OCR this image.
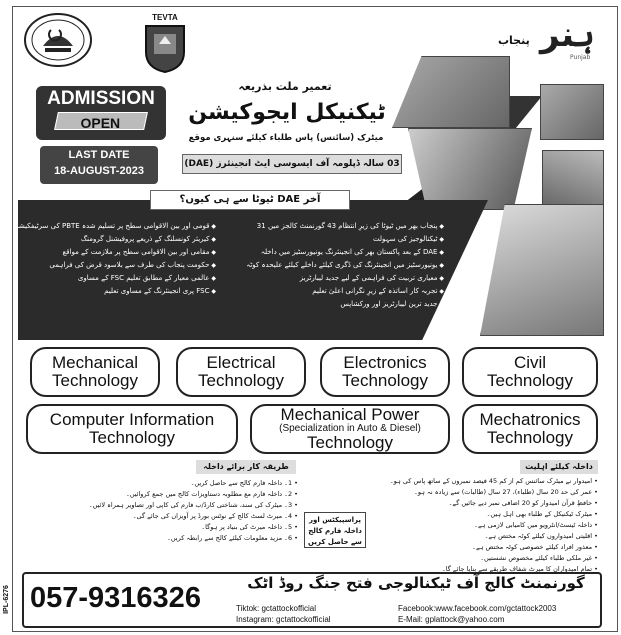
TEVTA
پنجاب ہنر
Punjab
ADMISSION
OPEN
LAST DATE
18-AUGUST-2023
تعمیر ملت بذریعہ
ٹیکنیکل ایجوکیشن
میٹرک (سائنس) پاس طلباء کیلئے سنہری موقع
03 سالہ ڈپلومہ آف ایسوسی ایٹ انجینئرز (DAE)
آخر DAE ٹیوٹا سے ہی کیوں؟
◆ قومی اور بین الاقوامی سطح پر تسلیم شدہ PBTE کی سرٹیفکیشن
◆ کیریئر کونسلنگ کے ذریعے پروفیشنل گرومنگ
◆ مقامی اور بین الاقوامی سطح پر ملازمت کے مواقع
◆ حکومت پنجاب کی طرف سے بلاسود قرض کی فراہمی
◆ عالمی معیار کے مطابق تعلیم FSC کے مساوی
◆ FSC پری انجینئرنگ کے مساوی تعلیم
◆ پنجاب بھر میں ٹیوٹا کی زیرِ انتظام 43 گورنمنٹ کالجز میں 31
◆ ٹیکنالوجیز کی سہولت
◆ DAE کے بعد پاکستان بھر کی انجینئرنگ یونیورسٹیز میں داخلہ
◆ یونیورسٹیز میں انجینئرنگ کی ڈگری کیلئے داخلے کیلئے علیحدہ کوٹہ
◆ معیاری تربیت کی فراہمی کے لیے جدید لیبارٹریز
◆ تجربہ کار اساتذہ کے زیرِ نگرانی اعلیٰ تعلیم
◆ جدید ترین لیبارٹریز اور ورکشاپس
Mechanical
Technology
Electrical
Technology
Electronics
Technology
Civil
Technology
Computer Information
Technology
Mechanical Power
(Specialization in Auto & Diesel)
Technology
Mechatronics
Technology
طریقہ کار برائے داخلہ
• 1۔ داخلہ فارم کالج سے حاصل کریں۔
• 2۔ داخلہ فارم مع مطلوبہ دستاویزات کالج میں جمع کروائیں۔
• 3۔ میٹرک کی سند، شناختی کارڈ/ب فارم کی کاپی اور تصاویر ہمراہ لائیں۔
• 4۔ میرٹ لسٹ کالج کے نوٹس بورڈ پر آویزاں کی جائے گی۔
• 5۔ داخلہ میرٹ کی بنیاد پر ہوگا۔
• 6۔ مزید معلومات کیلئے کالج سے رابطہ کریں۔
پراسپیکٹس اور داخلہ فارم کالج سے حاصل کریں
داخلہ کیلئے اہلیت
• امیدوار نے میٹرک سائنس کم از کم 45 فیصد نمبروں کے ساتھ پاس کی ہو۔
• عمر کی حد 20 سال (طلباء)، 27 سال (طالبات) سے زیادہ نہ ہو۔
• حافظِ قرآن امیدوار کو 20 اضافی نمبر دیے جائیں گے۔
• میٹرک ٹیکنیکل کے طلباء بھی اہل ہیں۔
• داخلہ ٹیسٹ/انٹرویو میں کامیابی لازمی ہے۔
• اقلیتی امیدواروں کیلئے کوٹہ مختص ہے۔
• معذور افراد کیلئے خصوصی کوٹہ مختص ہے۔
• غیر ملکی طلباء کیلئے مخصوص نشستیں۔
• تمام امیدواران کا میرٹ شفاف طریقے سے بنایا جائے گا۔
057-9316326	گورنمنٹ کالج آف ٹیکنالوجی فتح جنگ روڈ اٹک
Tiktok: gctattockofficial
Instagram: gctattockofficial
Facebook:www.facebook.com/gctattock2003
E-Mail: gplattock@yahoo.com
IPL-6276
